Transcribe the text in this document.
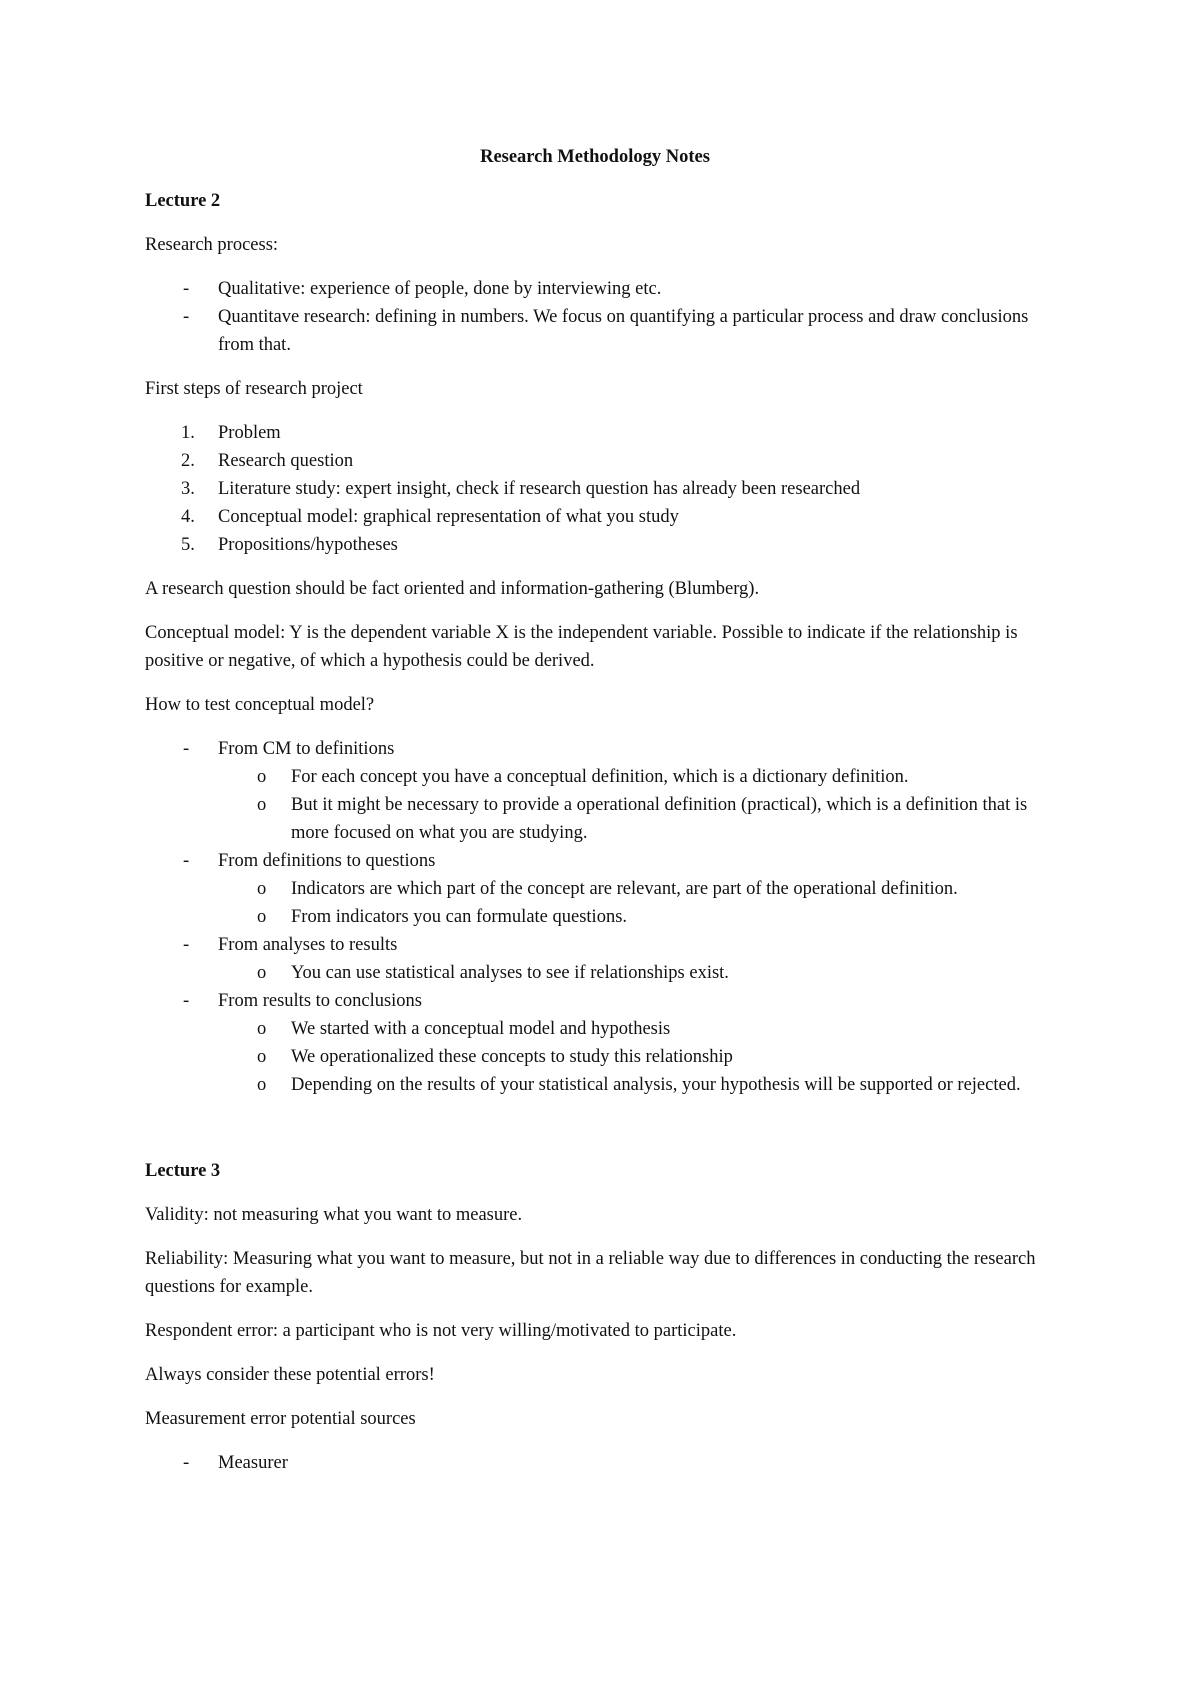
Research Methodology Notes
Lecture 2
Research process:
- Qualitative: experience of people, done by interviewing etc.
- Quantitave research: defining in numbers. We focus on quantifying a particular process and draw conclusions from that.
First steps of research project
1. Problem
2. Research question
3. Literature study: expert insight, check if research question has already been researched
4. Conceptual model: graphical representation of what you study
5. Propositions/hypotheses
A research question should be fact oriented and information-gathering (Blumberg).
Conceptual model: Y is the dependent variable X is the independent variable. Possible to indicate if the relationship is positive or negative, of which a hypothesis could be derived.
How to test conceptual model?
- From CM to definitions
o For each concept you have a conceptual definition, which is a dictionary definition.
o But it might be necessary to provide a operational definition (practical), which is a definition that is more focused on what you are studying.
- From definitions to questions
o Indicators are which part of the concept are relevant, are part of the operational definition.
o From indicators you can formulate questions.
- From analyses to results
o You can use statistical analyses to see if relationships exist.
- From results to conclusions
o We started with a conceptual model and hypothesis
o We operationalized these concepts to study this relationship
o Depending on the results of your statistical analysis, your hypothesis will be supported or rejected.
Lecture 3
Validity: not measuring what you want to measure.
Reliability: Measuring what you want to measure, but not in a reliable way due to differences in conducting the research questions for example.
Respondent error: a participant who is not very willing/motivated to participate.
Always consider these potential errors!
Measurement error potential sources
- Measurer
